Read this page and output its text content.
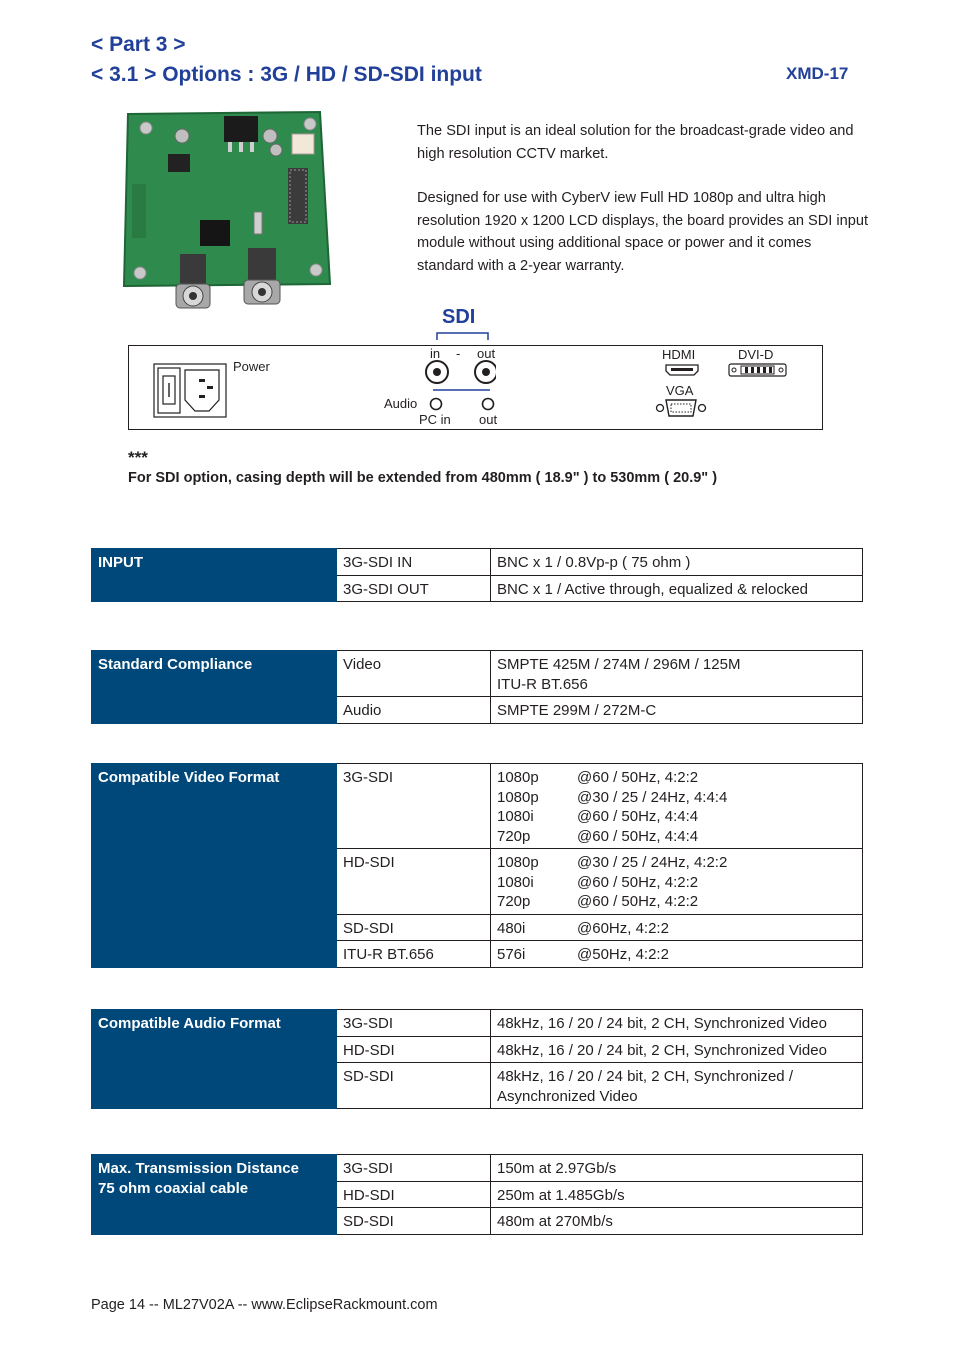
< Part 3 >
< 3.1 > Options : 3G / HD / SD-SDI input	XMD-17

The SDI input is an ideal solution for the broadcast-grade video and high resolution CCTV market.

Designed for use with CyberV iew Full HD 1080p and ultra high resolution 1920 x 1200 LCD displays, the board provides an SDI input module without using additional space or power and it comes standard with a 2-year warranty.

SDI
Power
in - out
Audio
PC in out
HDMI	DVI-D
VGA
***
For SDI option, casing depth will be extended from 480mm ( 18.9" ) to 530mm ( 20.9" )
INPUT	3G-SDI IN	BNC x 1 / 0.8Vp-p ( 75 ohm )
	3G-SDI OUT	BNC x 1 / Active through, equalized & relocked
Standard Compliance	Video	SMPTE 425M / 274M / 296M / 125M
ITU-R BT.656

	Audio	SMPTE 299M / 272M-C
Compatible Video Format	3G-SDI	1080p @60 / 50Hz, 4:2:2
1080p @30 / 25 / 24Hz, 4:4:4
1080i @60 / 50Hz, 4:4:4
720p @60 / 50Hz, 4:4:4

	HD-SDI	1080p @30 / 25 / 24Hz, 4:2:2
1080i @60 / 50Hz, 4:2:2
720p @60 / 50Hz, 4:2:2

	SD-SDI	480i @60Hz, 4:2:2

	ITU-R BT.656	576i @50Hz, 4:2:2
Compatible Audio Format	3G-SDI	48kHz, 16 / 20 / 24 bit, 2 CH, Synchronized Video
	HD-SDI	48kHz, 16 / 20 / 24 bit, 2 CH, Synchronized Video
	SD-SDI	48kHz, 16 / 20 / 24 bit, 2 CH, Synchronized /
Asynchronized Video
Max. Transmission Distance
75 ohm coaxial cable	3G-SDI	150m at 2.97Gb/s
	HD-SDI	250m at 1.485Gb/s
	SD-SDI	480m at 270Mb/s
Page 14 -- ML27V02A -- www.EclipseRackmount.com
